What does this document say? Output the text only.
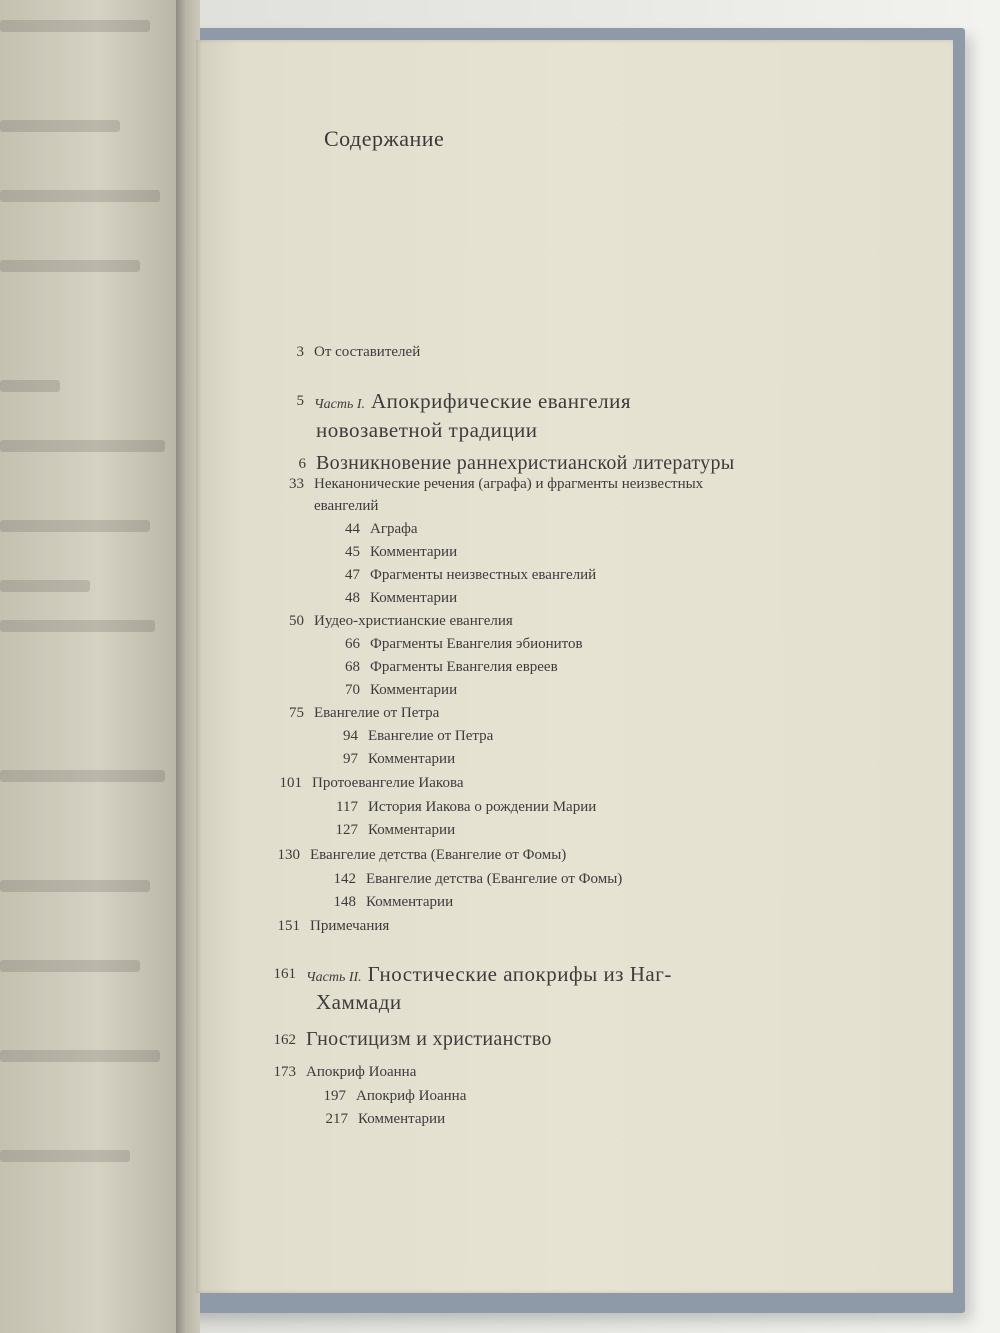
Содержание
3 От составителей
5 Часть I. Апокрифические евангелия
новозаветной традиции
6 Возникновение раннехристианской литературы
33 Неканонические речения (аграфа) и фрагменты неизвестных
евангелий
44 Аграфа
45 Комментарии
47 Фрагменты неизвестных евангелий
48 Комментарии
50 Иудео-христианские евангелия
66 Фрагменты Евангелия эбионитов
68 Фрагменты Евангелия евреев
70 Комментарии
75 Евангелие от Петра
94 Евангелие от Петра
97 Комментарии
101 Протоевангелие Иакова
117 История Иакова о рождении Марии
127 Комментарии
130 Евангелие детства (Евангелие от Фомы)
142 Евангелие детства (Евангелие от Фомы)
148 Комментарии
151 Примечания
161 Часть II. Гностические апокрифы из Наг-
Хаммади
162 Гностицизм и христианство
173 Апокриф Иоанна
197 Апокриф Иоанна
217 Комментарии
